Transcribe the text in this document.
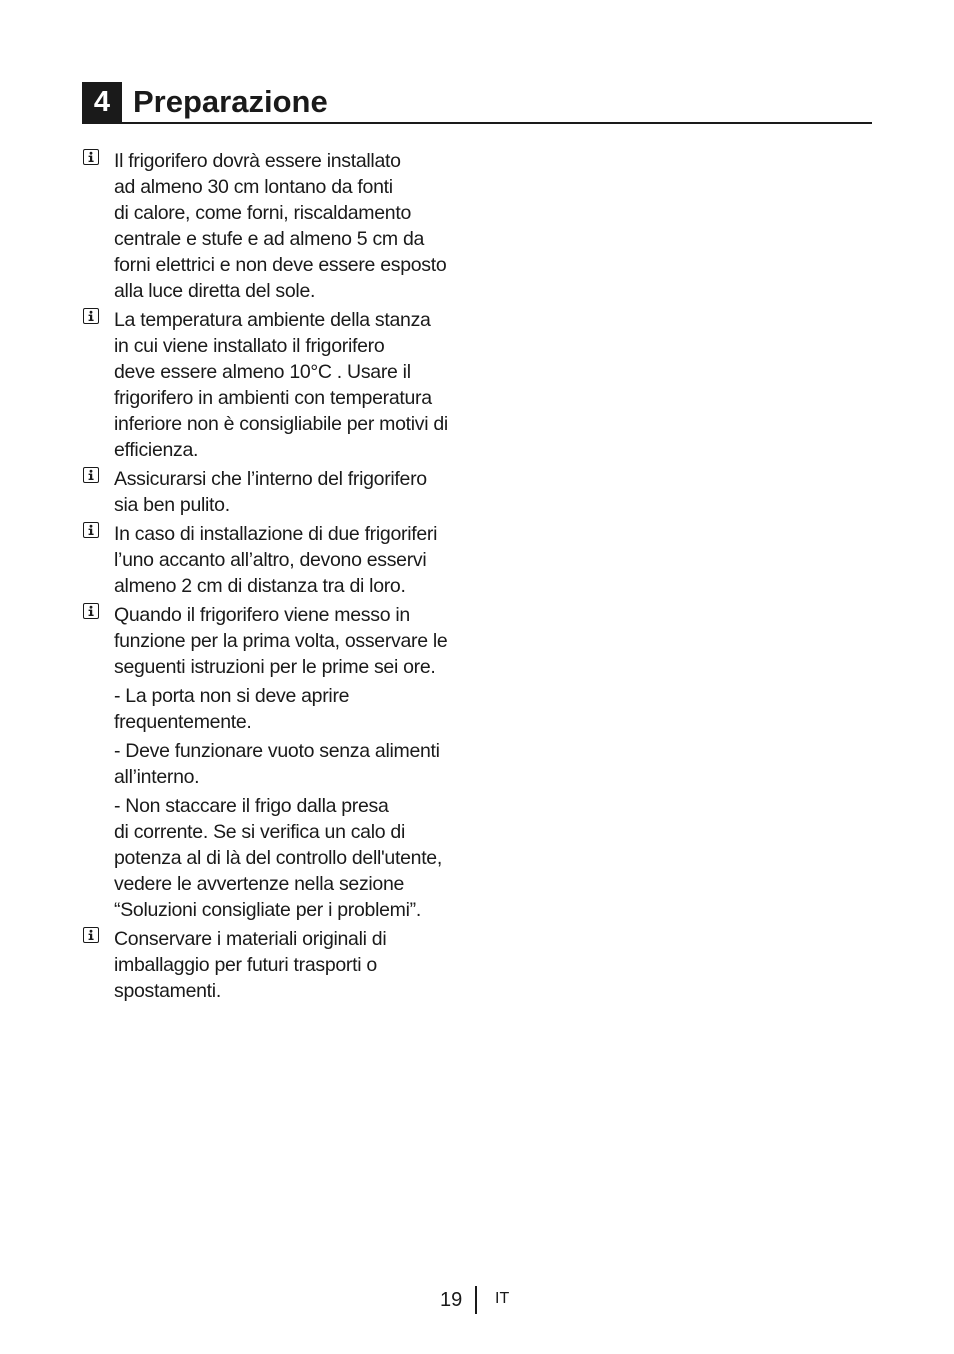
4 Preparazione

Il frigorifero dovrà essere installato
ad almeno 30 cm lontano da fonti
di calore, come forni, riscaldamento
centrale e stufe e ad almeno 5 cm da
forni elettrici e non deve essere esposto
alla luce diretta del sole.

La temperatura ambiente della stanza
in cui viene installato il frigorifero
deve essere almeno 10°C . Usare il
frigorifero in ambienti con temperatura
inferiore non è consigliabile per motivi di
efficienza.

Assicurarsi che l’interno del frigorifero
sia ben pulito.

In caso di installazione di due frigoriferi
l’uno accanto all’altro, devono esservi
almeno 2 cm di distanza tra di loro.

Quando il frigorifero viene messo in
funzione per la prima volta, osservare le
seguenti istruzioni per le prime sei ore.

- La porta non si deve aprire
frequentemente.

- Deve funzionare vuoto senza alimenti
all’interno.

- Non staccare il frigo dalla presa
di corrente. Se si verifica un calo di
potenza al di là del controllo dell'utente,
vedere le avvertenze nella sezione
“Soluzioni consigliate per i problemi”.

Conservare i materiali originali di
imballaggio per futuri trasporti o
spostamenti.

19 IT
